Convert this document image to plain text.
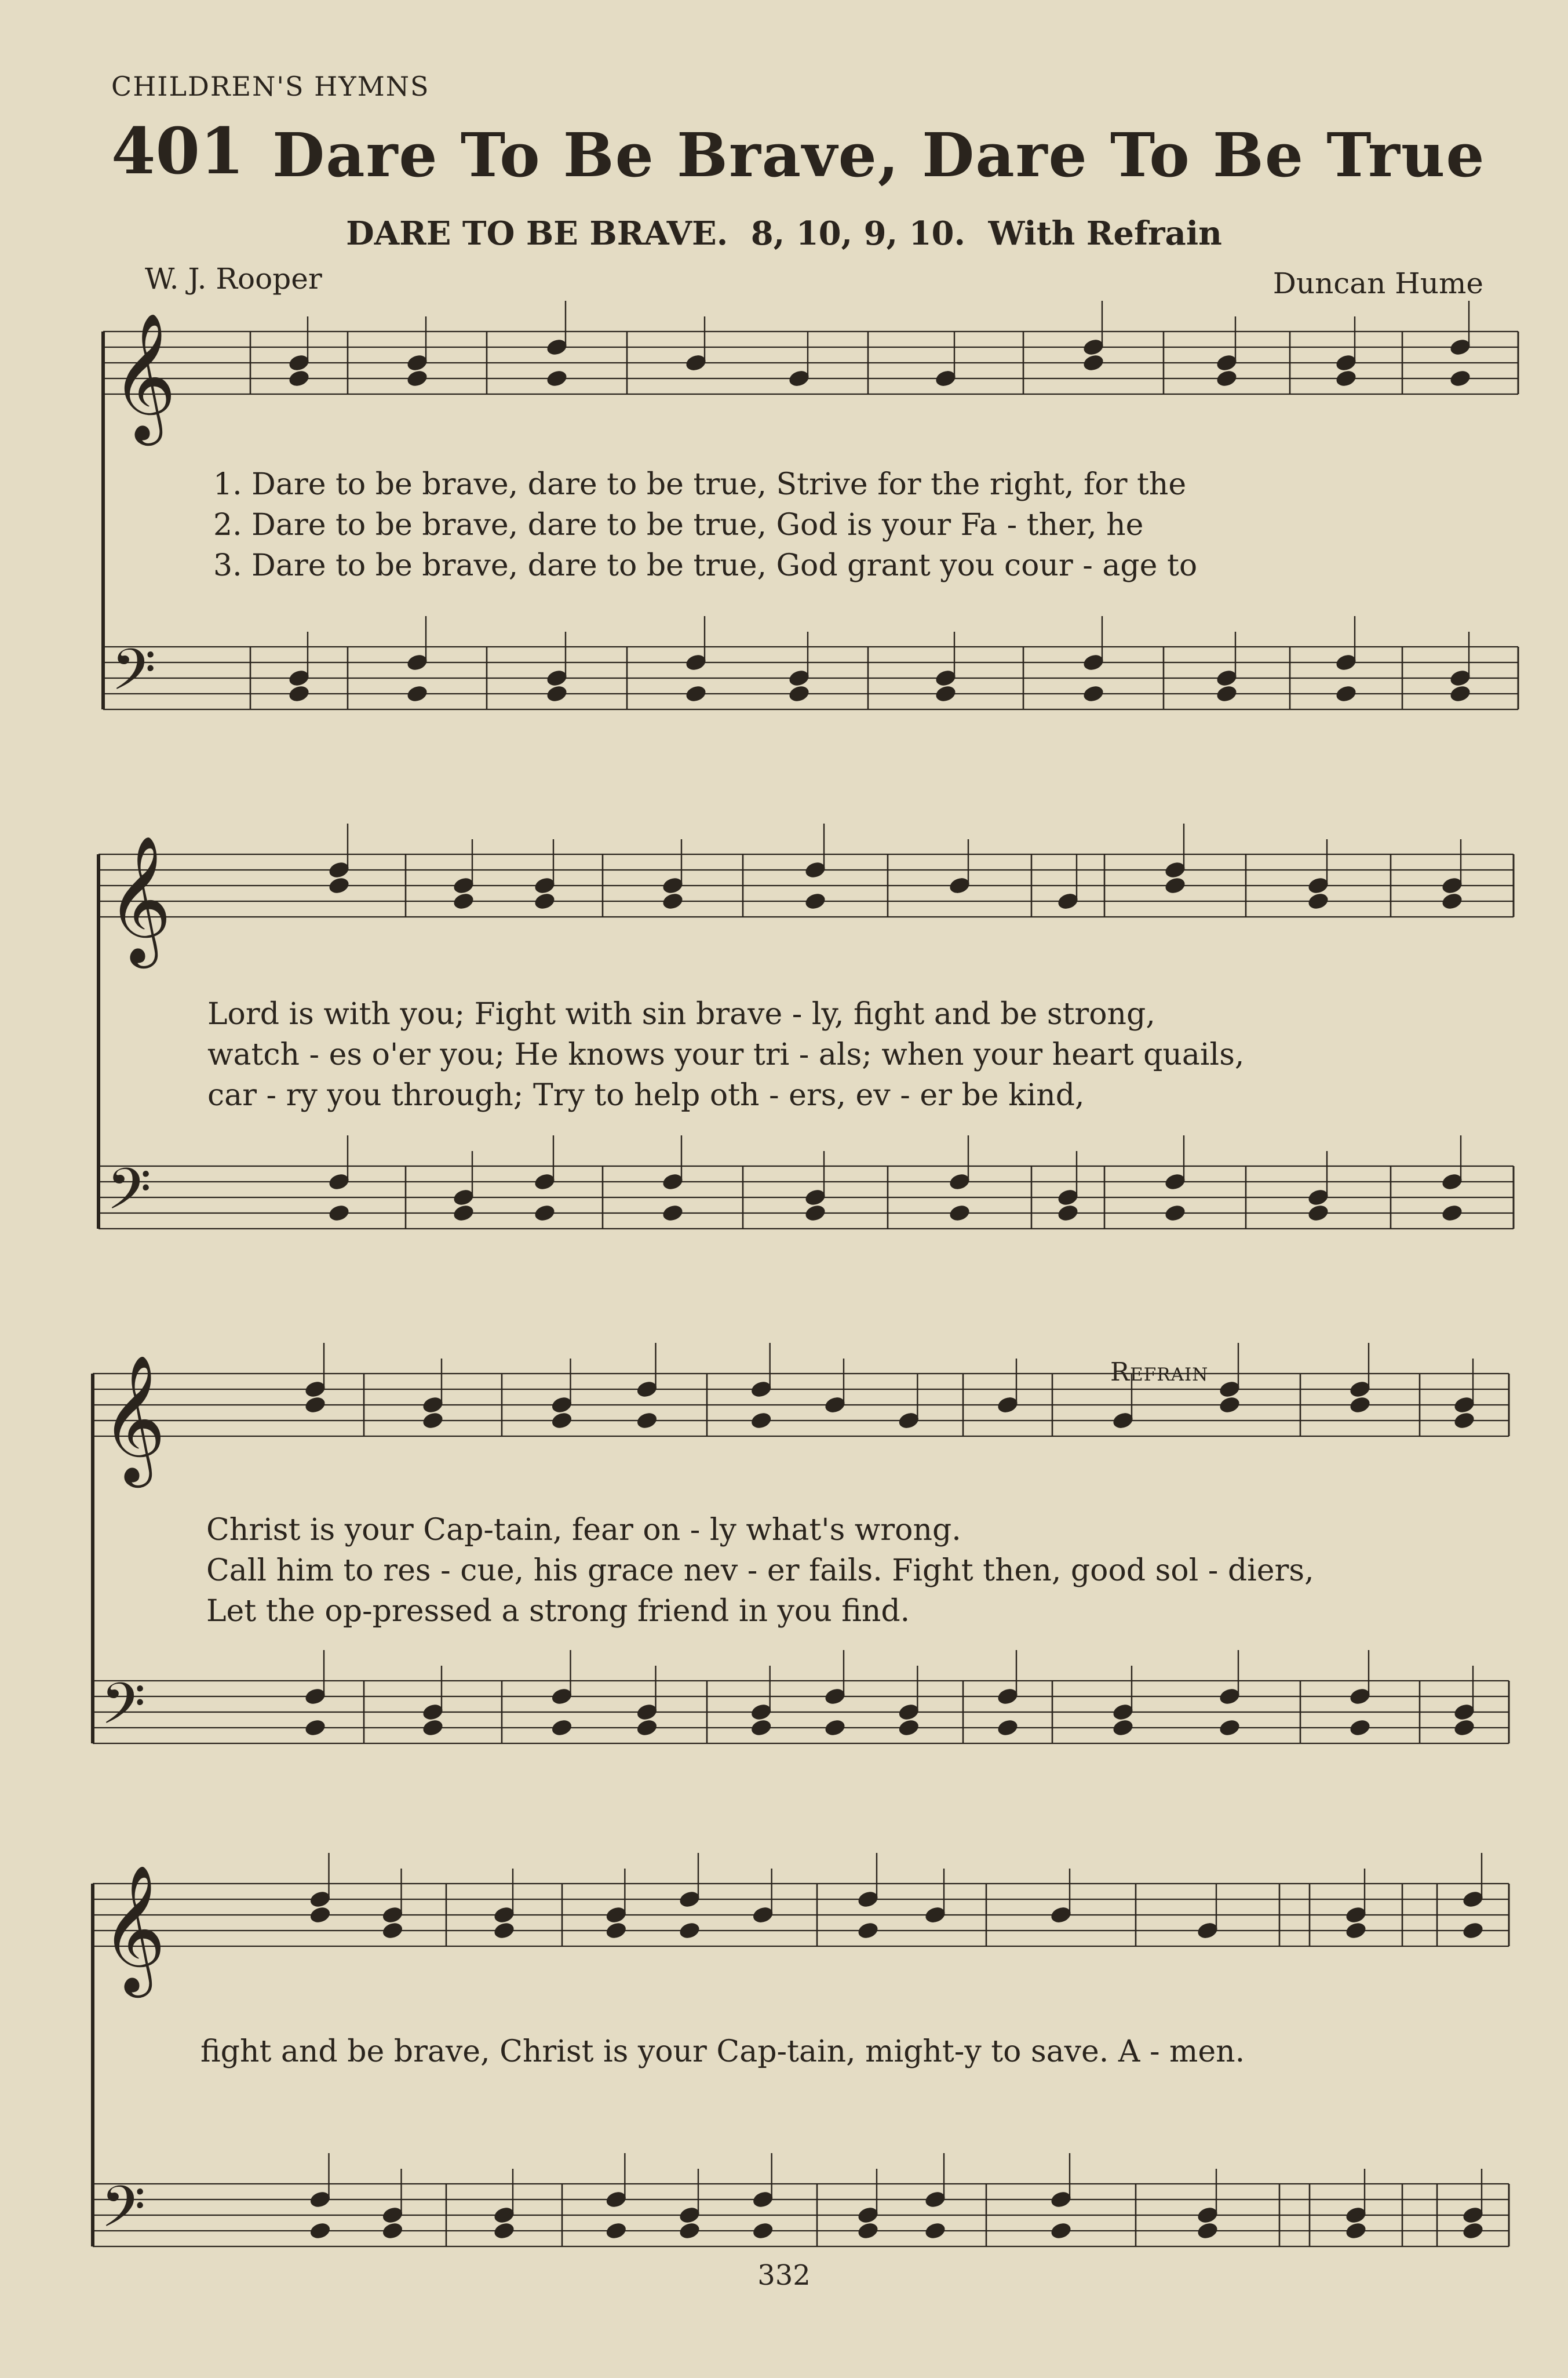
CHILDREN'S HYMNS
401 Dare To Be Brave, Dare To Be True
DARE TO BE BRAVE. 8, 10, 9, 10. With Refrain
W. J. Rooper	Duncan Hume
𝄞
𝄢
𝄞
𝄢
𝄞
𝄢
𝄞
𝄢
1. Dare to be brave, dare to be true, Strive for the right, for the
2. Dare to be brave, dare to be true, God is your Fa - ther, he
3. Dare to be brave, dare to be true, God grant you cour - age to
Lord is with you; Fight with sin brave - ly, fight and be strong,
watch - es o'er you; He knows your tri - als; when your heart quails,
car - ry you through; Try to help oth - ers, ev - er be kind,
Refrain
Christ is your Cap-tain, fear on - ly what's wrong.
Call him to res - cue, his grace nev - er fails. Fight then, good sol - diers,
Let the op-pressed a strong friend in you find.
fight and be brave, Christ is your Cap-tain, might-y to save. A - men.
332
